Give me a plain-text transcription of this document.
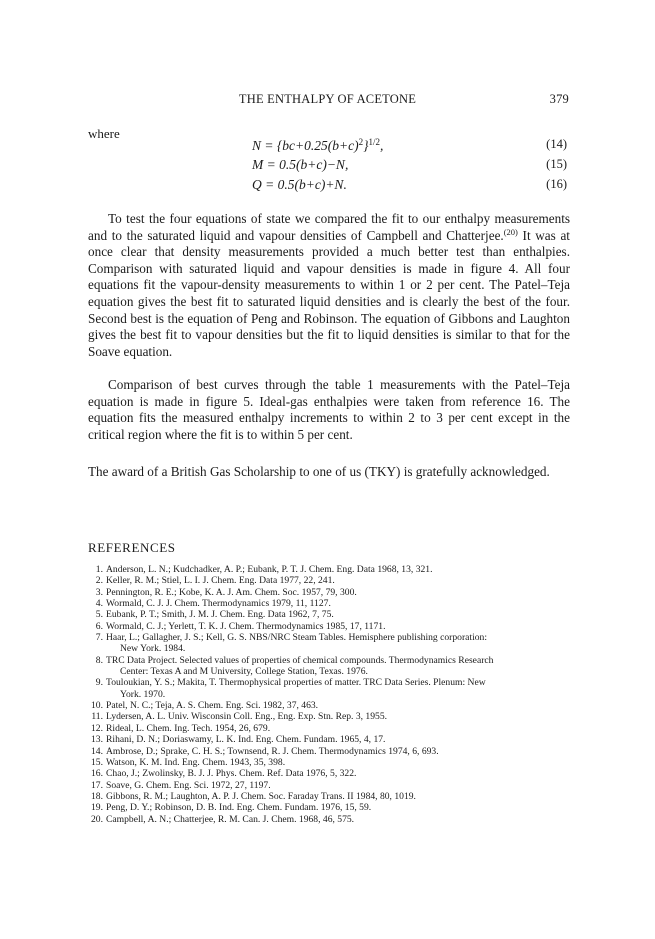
THE ENTHALPY OF ACETONE	379
where
$N = \{bc+0.25(b+c)^2\}^{1/2}$,	(14)
M = 0.5(b+c)−N,	(15)
Q = 0.5(b+c)+N.	(16)

To test the four equations of state we compared the fit to our enthalpy measurements and to the saturated liquid and vapour densities of Campbell and Chatterjee.$^{(20)}$ It was at once clear that density measurements provided a much better test than enthalpies. Comparison with saturated liquid and vapour densities is made in figure 4. All four equations fit the vapour-density measurements to within 1 or 2 per cent. The Patel–Teja equation gives the best fit to saturated liquid densities and is clearly the best of the four. Second best is the equation of Peng and Robinson. The equation of Gibbons and Laughton gives the best fit to vapour densities but the fit to liquid densities is similar to that for the Soave equation.

Comparison of best curves through the table 1 measurements with the Patel–Teja equation is made in figure 5. Ideal-gas enthalpies were taken from reference 16. The equation fits the measured enthalpy increments to within 2 to 3 per cent except in the critical region where the fit is to within 5 per cent.

The award of a British Gas Scholarship to one of us (TKY) is gratefully acknowledged.

REFERENCES
1. Anderson, L. N.; Kudchadker, A. P.; Eubank, P. T. J. Chem. Eng. Data 1968, 13, 321.
2. Keller, R. M.; Stiel, L. I. J. Chem. Eng. Data 1977, 22, 241.
3. Pennington, R. E.; Kobe, K. A. J. Am. Chem. Soc. 1957, 79, 300.
4. Wormald, C. J. J. Chem. Thermodynamics 1979, 11, 1127.
5. Eubank, P. T.; Smith, J. M. J. Chem. Eng. Data 1962, 7, 75.
6. Wormald, C. J.; Yerlett, T. K. J. Chem. Thermodynamics 1985, 17, 1171.
7. Haar, L.; Gallagher, J. S.; Kell, G. S. NBS/NRC Steam Tables. Hemisphere publishing corporation:
New York. 1984.
8. TRC Data Project. Selected values of properties of chemical compounds. Thermodynamics Research
Center: Texas A and M University, College Station, Texas. 1976.
9. Touloukian, Y. S.; Makita, T. Thermophysical properties of matter. TRC Data Series. Plenum: New
York. 1970.
10. Patel, N. C.; Teja, A. S. Chem. Eng. Sci. 1982, 37, 463.
11. Lydersen, A. L. Univ. Wisconsin Coll. Eng., Eng. Exp. Stn. Rep. 3, 1955.
12. Rideal, L. Chem. Ing. Tech. 1954, 26, 679.
13. Rihani, D. N.; Doriaswamy, L. K. Ind. Eng. Chem. Fundam. 1965, 4, 17.
14. Ambrose, D.; Sprake, C. H. S.; Townsend, R. J. Chem. Thermodynamics 1974, 6, 693.
15. Watson, K. M. Ind. Eng. Chem. 1943, 35, 398.
16. Chao, J.; Zwolinsky, B. J. J. Phys. Chem. Ref. Data 1976, 5, 322.
17. Soave, G. Chem. Eng. Sci. 1972, 27, 1197.
18. Gibbons, R. M.; Laughton, A. P. J. Chem. Soc. Faraday Trans. II 1984, 80, 1019.
19. Peng, D. Y.; Robinson, D. B. Ind. Eng. Chem. Fundam. 1976, 15, 59.
20. Campbell, A. N.; Chatterjee, R. M. Can. J. Chem. 1968, 46, 575.
